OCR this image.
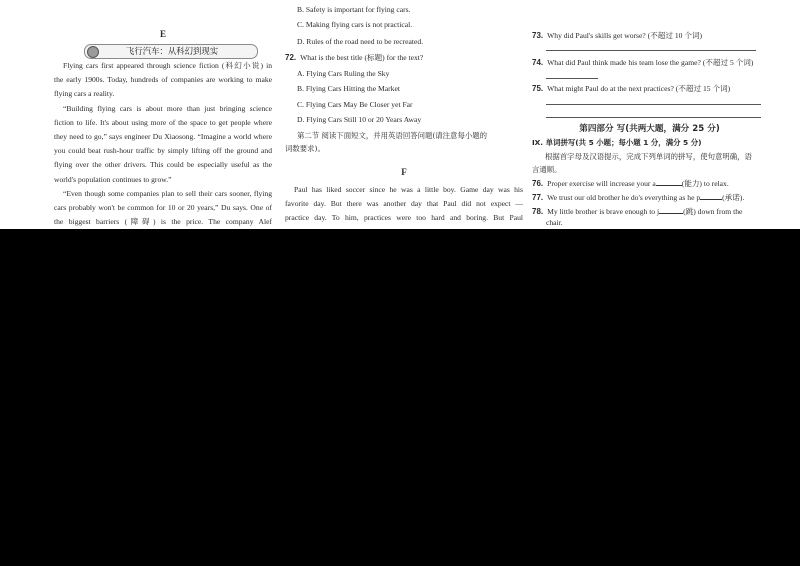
E
飞行汽车：从科幻到现实
Flying cars first appeared through science fiction (科幻小说) in
the early 1900s. Today, hundreds of companies are working to make
flying cars a reality.
“Building flying cars is about more than just bringing science
fiction to life. It's about using more of the space to get people where
they need to go,” says engineer Du Xiaosong. “Imagine a world where
you could beat rush-hour traffic by simply lifting off the ground and
flying over the other drivers. This could be especially useful as the
world's population continues to grow.”
“Even though some companies plan to sell their cars sooner, flying
cars probably won't be common for 10 or 20 years,” Du says. One of
the biggest barriers (障碍) is the price. The company Alef
B. Safety is important for flying cars.
C. Making flying cars is not practical.
D. Rules of the road need to be recreated.
72. What is the best title (标题) for the text?
A. Flying Cars Ruling the Sky
B. Flying Cars Hitting the Market
C. Flying Cars May Be Closer yet Far
D. Flying Cars Still 10 or 20 Years Away
第二节 阅读下面短文，并用英语回答问题(请注意每小题的
词数要求)。
F
Paul has liked soccer since he was a little boy. Game day was his
favorite day. But there was another day that Paul did not expect —
practice day. To him, practices were too hard and boring. But Paul
73. Why did Paul's skills get worse? (不超过 10 个词)
74. What did Paul think made his team lose the game? (不超过 5 个词)
75. What might Paul do at the next practices? (不超过 15 个词)
第四部分 写(共两大题，满分 25 分)
Ⅸ. 单词拼写(共 5 小题；每小题 1 分，满分 5 分)
根据首字母及汉语提示，完成下列单词的拼写，使句意明确，语
言通顺。
76. Proper exercise will increase your a	(能力) to relax.
77. We trust our old brother he do's everything as he p	(承诺).
78. My little brother is brave enough to j	(跳) down from the
chair.
